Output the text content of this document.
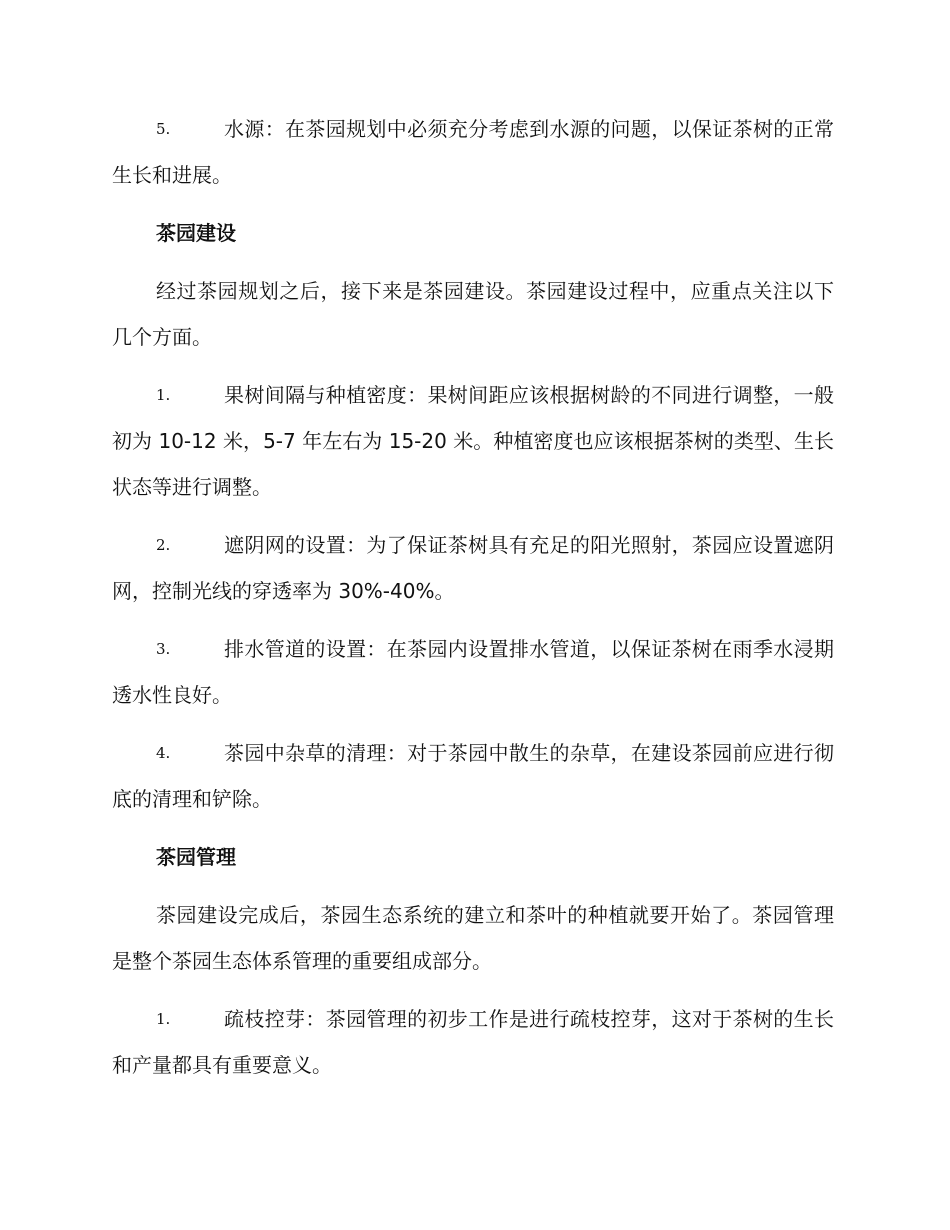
5.	水源：在茶园规划中必须充分考虑到水源的问题，以保证茶树的正常生长和进展。

茶园建设

经过茶园规划之后，接下来是茶园建设。茶园建设过程中，应重点关注以下几个方面。

1.	果树间隔与种植密度：果树间距应该根据树龄的不同进行调整，一般初为 10-12 米，5-7 年左右为 15-20 米。种植密度也应该根据茶树的类型、生长状态等进行调整。

2.	遮阴网的设置：为了保证茶树具有充足的阳光照射，茶园应设置遮阴网，控制光线的穿透率为 30%-40%。

3.	排水管道的设置：在茶园内设置排水管道，以保证茶树在雨季水浸期透水性良好。

4.	茶园中杂草的清理：对于茶园中散生的杂草，在建设茶园前应进行彻底的清理和铲除。

茶园管理

茶园建设完成后，茶园生态系统的建立和茶叶的种植就要开始了。茶园管理是整个茶园生态体系管理的重要组成部分。

1.	疏枝控芽：茶园管理的初步工作是进行疏枝控芽，这对于茶树的生长和产量都具有重要意义。
